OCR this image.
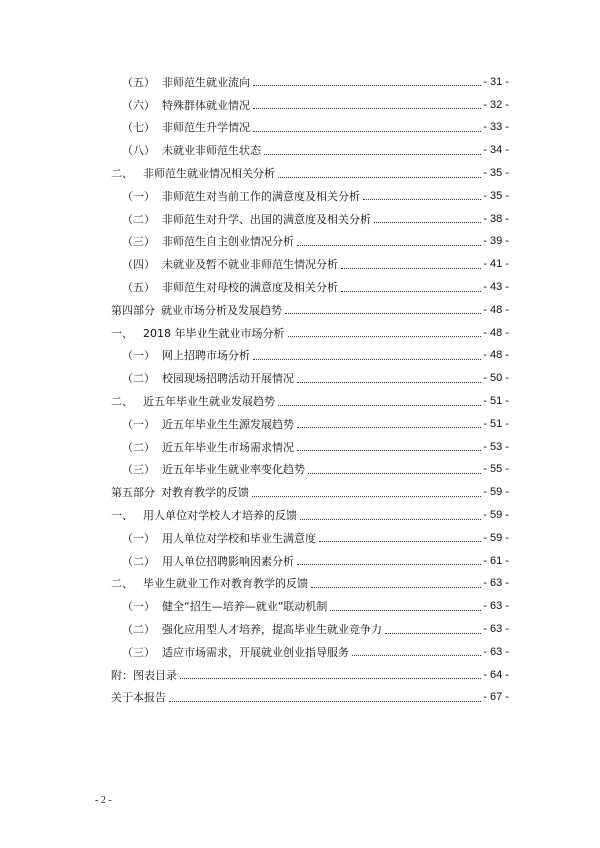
（五） 非师范生就业流向	- 31 -
（六） 特殊群体就业情况	- 32 -
（七） 非师范生升学情况	- 33 -
（八） 未就业非师范生状态	- 34 -
二、 非师范生就业情况相关分析	- 35 -
（一） 非师范生对当前工作的满意度及相关分析	- 35 -
（二） 非师范生对升学、出国的满意度及相关分析	- 38 -
（三） 非师范生自主创业情况分析	- 39 -
（四） 未就业及暂不就业非师范生情况分析	- 41 -
（五） 非师范生对母校的满意度及相关分析	- 43 -
第四部分 就业市场分析及发展趋势	- 48 -
一、 2018 年毕业生就业市场分析	- 48 -
（一） 网上招聘市场分析	- 48 -
（二） 校园现场招聘活动开展情况	- 50 -
二、 近五年毕业生就业发展趋势	- 51 -
（一） 近五年毕业生生源发展趋势	- 51 -
（二） 近五年毕业生市场需求情况	- 53 -
（三） 近五年毕业生就业率变化趋势	- 55 -
第五部分 对教育教学的反馈	- 59 -
一、 用人单位对学校人才培养的反馈	- 59 -
（一） 用人单位对学校和毕业生满意度	- 59 -
（二） 用人单位招聘影响因素分析	- 61 -
二、 毕业生就业工作对教育教学的反馈	- 63 -
（一） 健全“招生—培养—就业”联动机制	- 63 -
（二） 强化应用型人才培养，提高毕业生就业竞争力	- 63 -
（三） 适应市场需求，开展就业创业指导服务	- 63 -
附：图表目录	- 64 -
关于本报告	- 67 -
- 2 -
